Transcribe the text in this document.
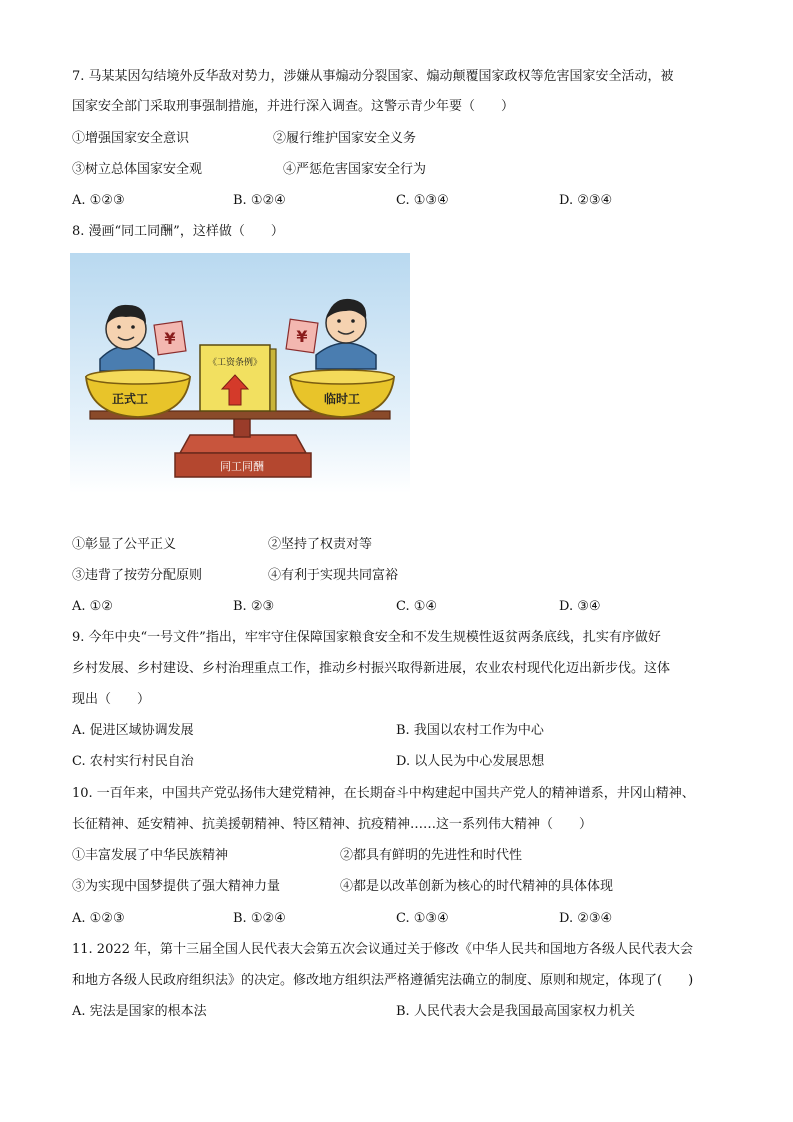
7. 马某某因勾结境外反华敌对势力，涉嫌从事煽动分裂国家、煽动颠覆国家政权等危害国家安全活动，被
国家安全部门采取刑事强制措施，并进行深入调查。这警示青少年要（　　）
①增强国家安全意识	②履行维护国家安全义务
③树立总体国家安全观	④严惩危害国家安全行为
A. ①②③	B. ①②④	C. ①③④	D. ②③④
8. 漫画“同工同酬”，这样做（　　）
¥
正式工
《工资条例》
¥
临时工
同工同酬
①彰显了公平正义	②坚持了权责对等
③违背了按劳分配原则	④有利于实现共同富裕
A. ①②	B. ②③	C. ①④	D. ③④
9. 今年中央“一号文件”指出，牢牢守住保障国家粮食安全和不发生规模性返贫两条底线，扎实有序做好
乡村发展、乡村建设、乡村治理重点工作，推动乡村振兴取得新进展，农业农村现代化迈出新步伐。这体
现出（　　）
A. 促进区域协调发展	B. 我国以农村工作为中心
C. 农村实行村民自治	D. 以人民为中心发展思想
10. 一百年来，中国共产党弘扬伟大建党精神，在长期奋斗中构建起中国共产党人的精神谱系，井冈山精神、
长征精神、延安精神、抗美援朝精神、特区精神、抗疫精神……这一系列伟大精神（　　）
①丰富发展了中华民族精神	②都具有鲜明的先进性和时代性
③为实现中国梦提供了强大精神力量	④都是以改革创新为核心的时代精神的具体体现
A. ①②③	B. ①②④	C. ①③④	D. ②③④
11. 2022 年，第十三届全国人民代表大会第五次会议通过关于修改《中华人民共和国地方各级人民代表大会
和地方各级人民政府组织法》的决定。修改地方组织法严格遵循宪法确立的制度、原则和规定，体现了(　　)
A. 宪法是国家的根本法	B. 人民代表大会是我国最高国家权力机关
